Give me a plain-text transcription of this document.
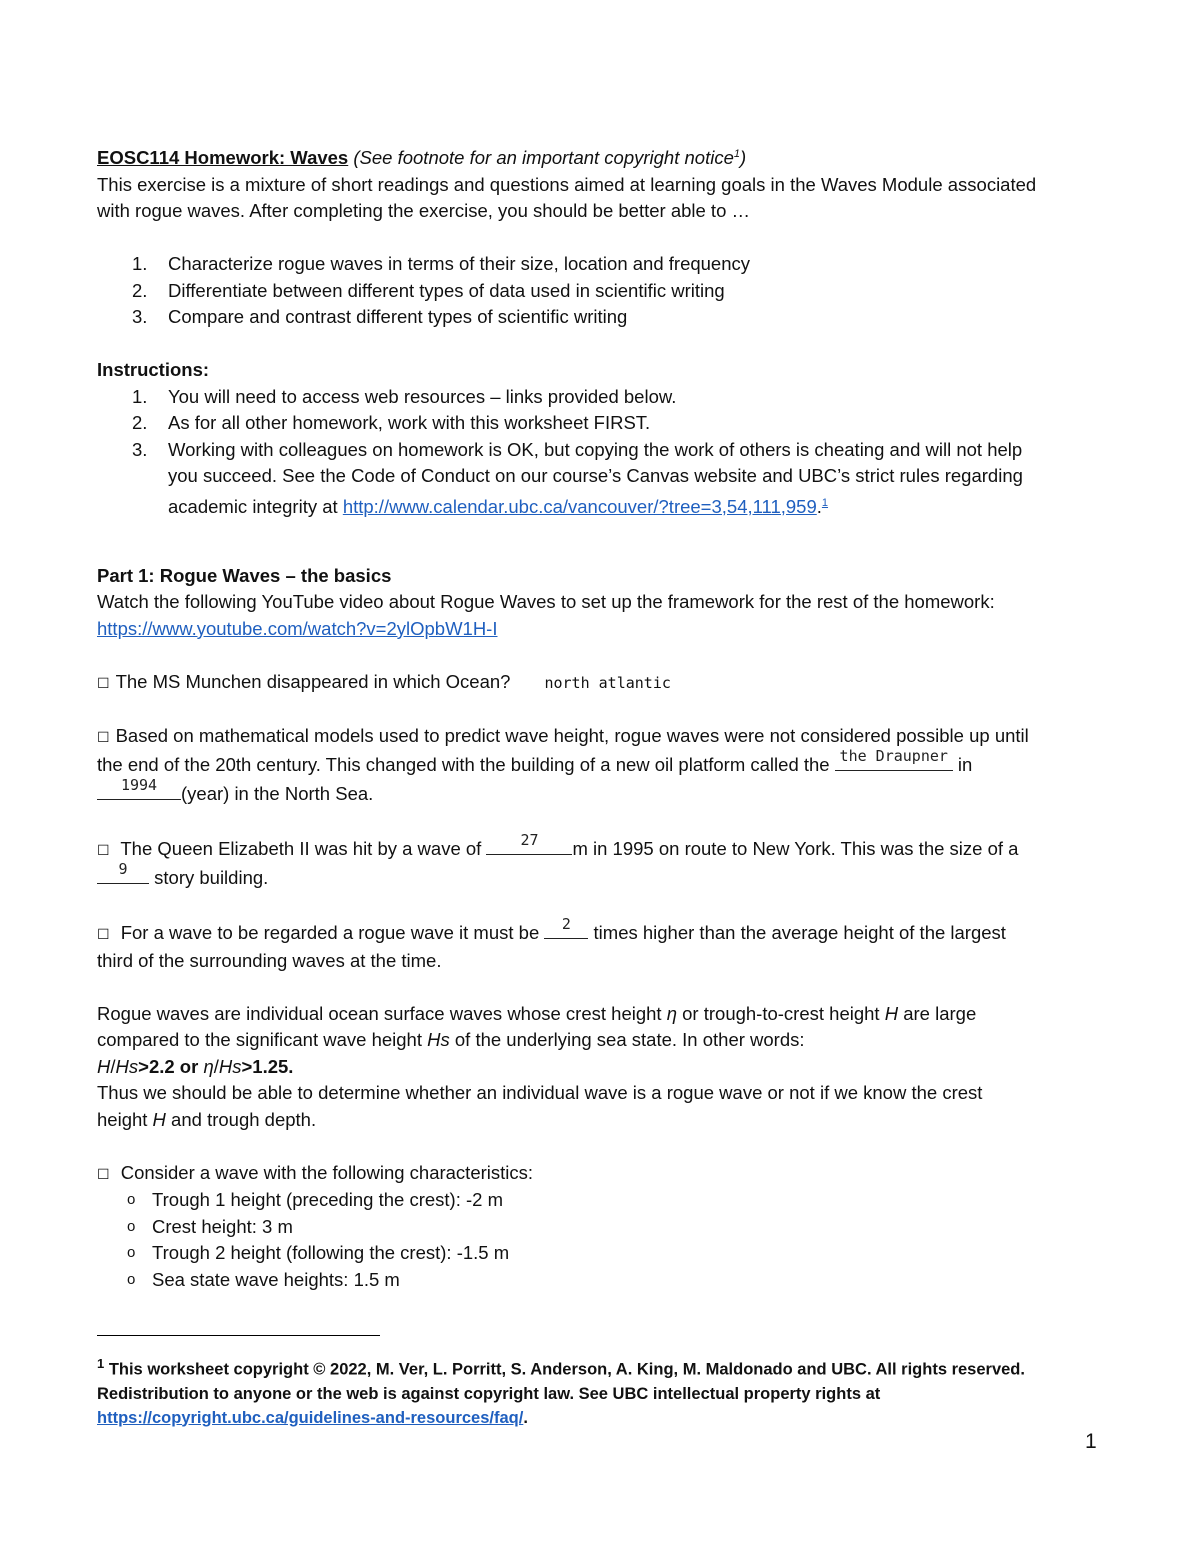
EOSC114 Homework: Waves (See footnote for an important copyright notice$^1$)
This exercise is a mixture of short readings and questions aimed at learning goals in the Waves Module associated
with rogue waves. After completing the exercise, you should be better able to …
1. Characterize rogue waves in terms of their size, location and frequency
2. Differentiate between different types of data used in scientific writing
3. Compare and contrast different types of scientific writing
Instructions:
1. You will need to access web resources – links provided below.
2. As for all other homework, work with this worksheet FIRST.
3. Working with colleagues on homework is OK, but copying the work of others is cheating and will not help
you succeed. See the Code of Conduct on our course’s Canvas website and UBC’s strict rules regarding
academic integrity at http://www.calendar.ubc.ca/vancouver/?tree=3,54,111,959.$^1$
Part 1: Rogue Waves – the basics
Watch the following YouTube video about Rogue Waves to set up the framework for the rest of the homework:
https://www.youtube.com/watch?v=2ylOpbW1H-I
☐ The MS Munchen disappeared in which Ocean? north atlantic
☐ Based on mathematical models used to predict wave height, rogue waves were not considered possible up until
the end of the 20th century. This changed with the building of a new oil platform called the the Draupner in
1994	(year) in the North Sea.
☐ The Queen Elizabeth II was hit by a wave of	27	m in 1995 on route to New York. This was the size of a
9	story building.
☐ For a wave to be regarded a rogue wave it must be	2 times higher than the average height of the largest
third of the surrounding waves at the time.
Rogue waves are individual ocean surface waves whose crest height η or trough-to-crest height H are large
compared to the significant wave height Hs of the underlying sea state. In other words:
H/Hs>2.2 or η/Hs>1.25.
Thus we should be able to determine whether an individual wave is a rogue wave or not if we know the crest
height H and trough depth.
☐ Consider a wave with the following characteristics:
o Trough 1 height (preceding the crest): -2 m
o Crest height: 3 m
o Trough 2 height (following the crest): -1.5 m
o Sea state wave heights: 1.5 m
$^1$ This worksheet copyright © 2022, M. Ver, L. Porritt, S. Anderson, A. King, M. Maldonado and UBC. All rights reserved.
Redistribution to anyone or the web is against copyright law. See UBC intellectual property rights at
https://copyright.ubc.ca/guidelines-and-resources/faq/.
1
